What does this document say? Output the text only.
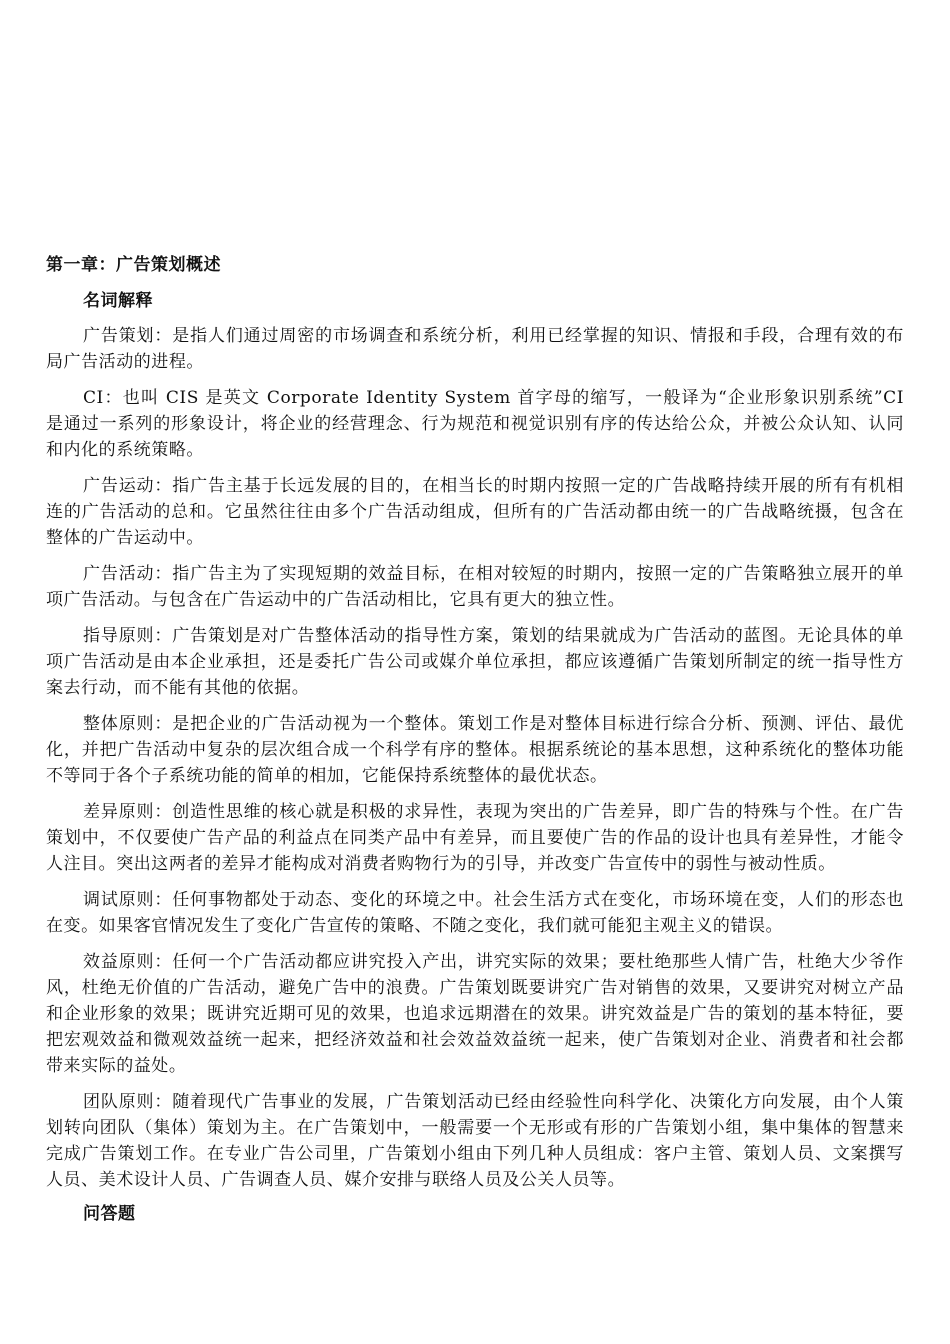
第一章：广告策划概述
名词解释

广告策划：是指人们通过周密的市场调查和系统分析，利用已经掌握的知识、情报和手段，合理有效的布局广告活动的进程。

CI：也叫 CIS 是英文 Corporate Identity System 首字母的缩写，一般译为“企业形象识别系统”CI 是通过一系列的形象设计，将企业的经营理念、行为规范和视觉识别有序的传达给公众，并被公众认知、认同和内化的系统策略。

广告运动：指广告主基于长远发展的目的，在相当长的时期内按照一定的广告战略持续开展的所有有机相连的广告活动的总和。它虽然往往由多个广告活动组成，但所有的广告活动都由统一的广告战略统摄，包含在整体的广告运动中。

广告活动：指广告主为了实现短期的效益目标，在相对较短的时期内，按照一定的广告策略独立展开的单项广告活动。与包含在广告运动中的广告活动相比，它具有更大的独立性。

指导原则：广告策划是对广告整体活动的指导性方案，策划的结果就成为广告活动的蓝图。无论具体的单项广告活动是由本企业承担，还是委托广告公司或媒介单位承担，都应该遵循广告策划所制定的统一指导性方案去行动，而不能有其他的依据。

整体原则：是把企业的广告活动视为一个整体。策划工作是对整体目标进行综合分析、预测、评估、最优化，并把广告活动中复杂的层次组合成一个科学有序的整体。根据系统论的基本思想，这种系统化的整体功能不等同于各个子系统功能的简单的相加，它能保持系统整体的最优状态。

差异原则：创造性思维的核心就是积极的求异性，表现为突出的广告差异，即广告的特殊与个性。在广告策划中，不仅要使广告产品的利益点在同类产品中有差异，而且要使广告的作品的设计也具有差异性，才能令人注目。突出这两者的差异才能构成对消费者购物行为的引导，并改变广告宣传中的弱性与被动性质。

调试原则：任何事物都处于动态、变化的环境之中。社会生活方式在变化，市场环境在变，人们的形态也在变。如果客官情况发生了变化广告宣传的策略、不随之变化，我们就可能犯主观主义的错误。

效益原则：任何一个广告活动都应讲究投入产出，讲究实际的效果；要杜绝那些人情广告，杜绝大少爷作风，杜绝无价值的广告活动，避免广告中的浪费。广告策划既要讲究广告对销售的效果，又要讲究对树立产品和企业形象的效果；既讲究近期可见的效果，也追求远期潜在的效果。讲究效益是广告的策划的基本特征，要把宏观效益和微观效益统一起来，把经济效益和社会效益效益统一起来，使广告策划对企业、消费者和社会都带来实际的益处。

团队原则：随着现代广告事业的发展，广告策划活动已经由经验性向科学化、决策化方向发展，由个人策划转向团队（集体）策划为主。在广告策划中，一般需要一个无形或有形的广告策划小组，集中集体的智慧来完成广告策划工作。在专业广告公司里，广告策划小组由下列几种人员组成：客户主管、策划人员、文案撰写人员、美术设计人员、广告调查人员、媒介安排与联络人员及公关人员等。

问答题
